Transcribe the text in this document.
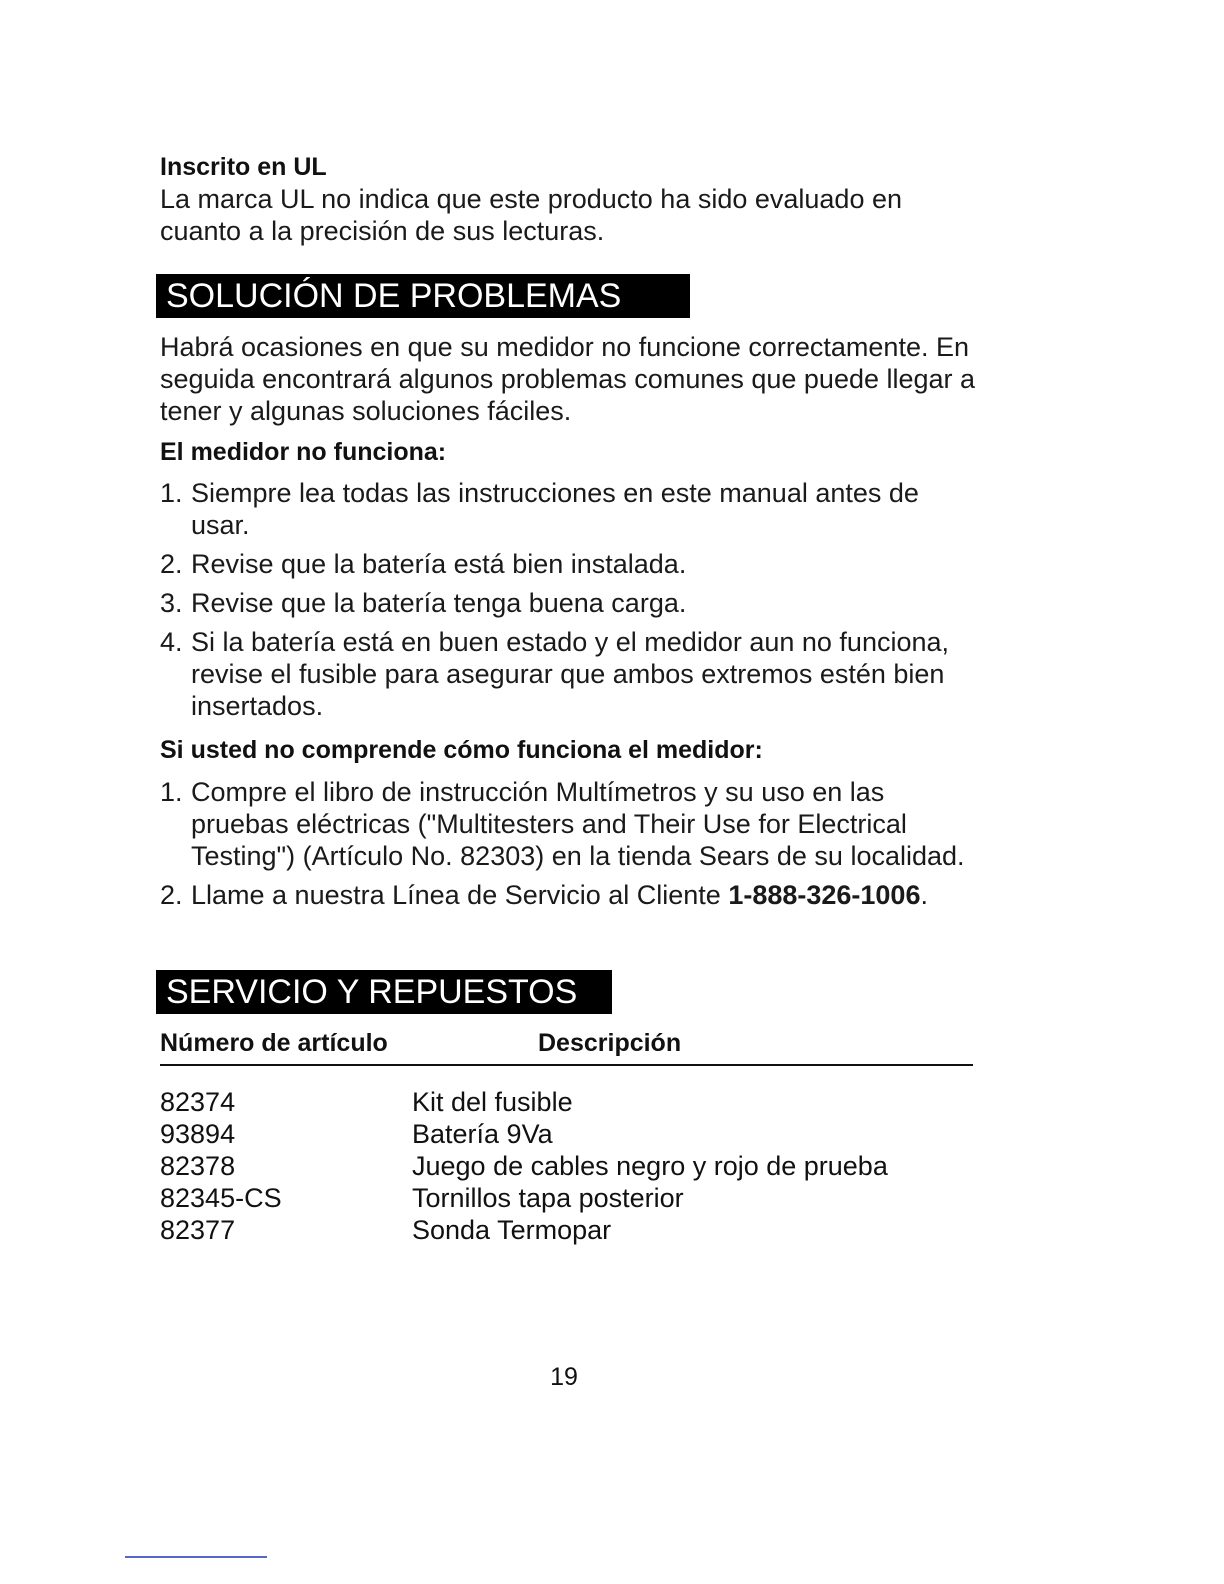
Inscrito en UL
La marca UL no indica que este producto ha sido evaluado en cuanto a la precisión de sus lecturas.
SOLUCIÓN DE PROBLEMAS
Habrá ocasiones en que su medidor no funcione correctamente. En seguida encontrará algunos problemas comunes que puede llegar a tener y algunas soluciones fáciles.
El medidor no funciona:
1. Siempre lea todas las instrucciones en este manual antes de usar.
2. Revise que la batería está bien instalada.
3. Revise que la batería tenga buena carga.
4. Si la batería está en buen estado y el medidor aun no funciona, revise el fusible para asegurar que ambos extremos estén bien insertados.
Si usted no comprende cómo funciona el medidor:
1. Compre el libro de instrucción Multímetros y su uso en las pruebas eléctricas ("Multitesters and Their Use for Electrical Testing") (Artículo No. 82303) en la tienda Sears de su localidad.
2. Llame a nuestra Línea de Servicio al Cliente 1-888-326-1006.
SERVICIO Y REPUESTOS
Número de artículo	Descripción
82374	Kit del fusible
93894	Batería 9Va
82378	Juego de cables negro y rojo de prueba
82345-CS	Tornillos tapa posterior
82377	Sonda Termopar
19
